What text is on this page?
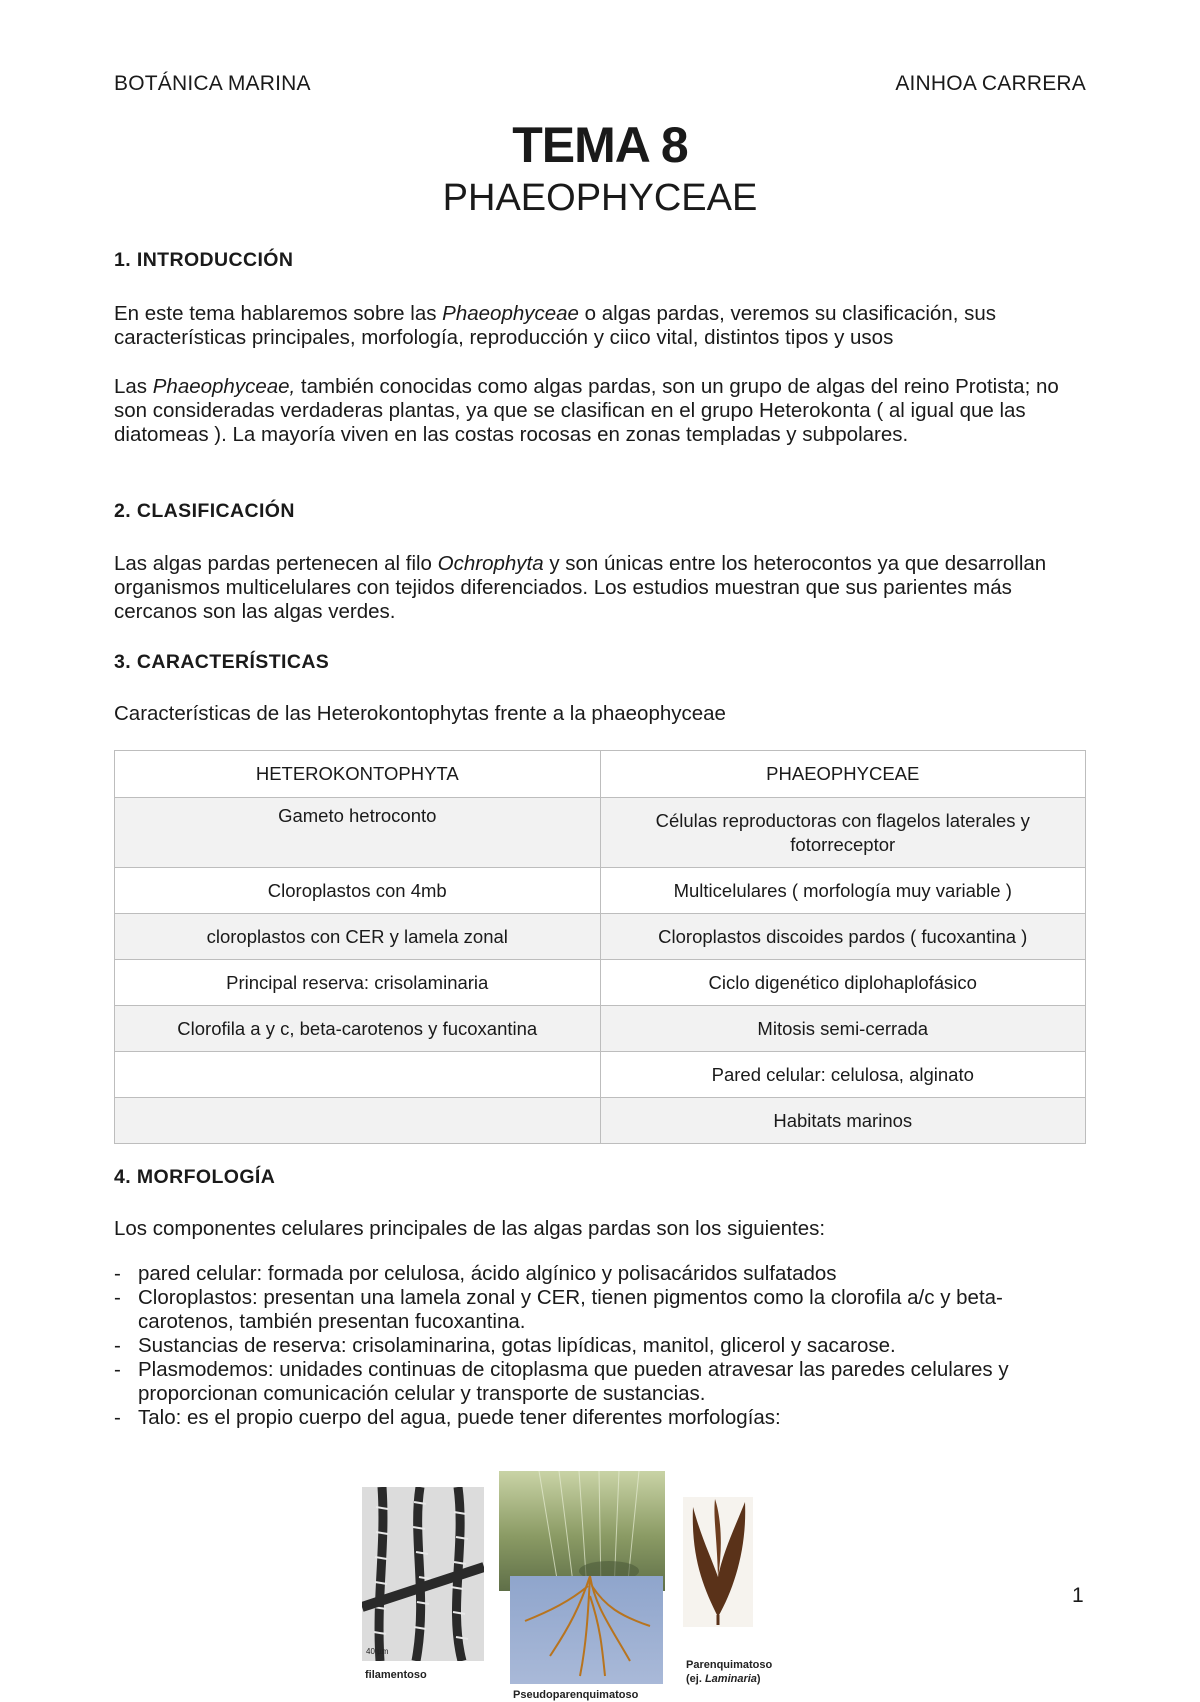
BOTÁNICA MARINA	AINHOA CARRERA
TEMA 8
PHAEOPHYCEAE
1. INTRODUCCIÓN
En este tema hablaremos sobre las Phaeophyceae o algas pardas, veremos su clasificación, sus características principales, morfología, reproducción y ciico vital, distintos tipos y usos
Las Phaeophyceae, también conocidas como algas pardas, son un grupo de algas del reino Protista; no son consideradas verdaderas plantas, ya que se clasifican en el grupo Heterokonta ( al igual que las diatomeas ). La mayoría viven en las costas rocosas en zonas templadas y subpolares.
2. CLASIFICACIÓN
Las algas pardas pertenecen al filo Ochrophyta y son únicas entre los heterocontos ya que desarrollan organismos multicelulares con tejidos diferenciados. Los estudios muestran que sus parientes más cercanos son las algas verdes.
3. CARACTERÍSTICAS
Características de las Heterokontophytas frente a la phaeophyceae
HETEROKONTOPHYTA	PHAEOPHYCEAE
Gameto hetroconto	Células reproductoras con flagelos laterales y fotorreceptor
Cloroplastos con 4mb	Multicelulares ( morfología muy variable )
cloroplastos con CER y lamela zonal	Cloroplastos discoides pardos ( fucoxantina )
Principal reserva: crisolaminaria	Ciclo digenético diplohaplofásico
Clorofila a y c, beta-carotenos y fucoxantina	Mitosis semi-cerrada
	Pared celular: celulosa, alginato
	Habitats marinos
4. MORFOLOGÍA
Los componentes celulares principales de las algas pardas son los siguientes:
- pared celular: formada por celulosa, ácido algínico y polisacáridos sulfatados
- Cloroplastos: presentan una lamela zonal y CER, tienen pigmentos como la clorofila a/c y beta-carotenos, también presentan fucoxantina.
- Sustancias de reserva: crisolaminarina, gotas lipídicas, manitol, glicerol y sacarose.
- Plasmodemos: unidades continuas de citoplasma que pueden atravesar las paredes celulares y proporcionan comunicación celular y transporte de sustancias.
- Talo: es el propio cuerpo del agua, puede tener diferentes morfologías:
40 µm
filamentoso
Pseudoparenquimatoso
Parenquimatoso
(ej. Laminaria)
1
